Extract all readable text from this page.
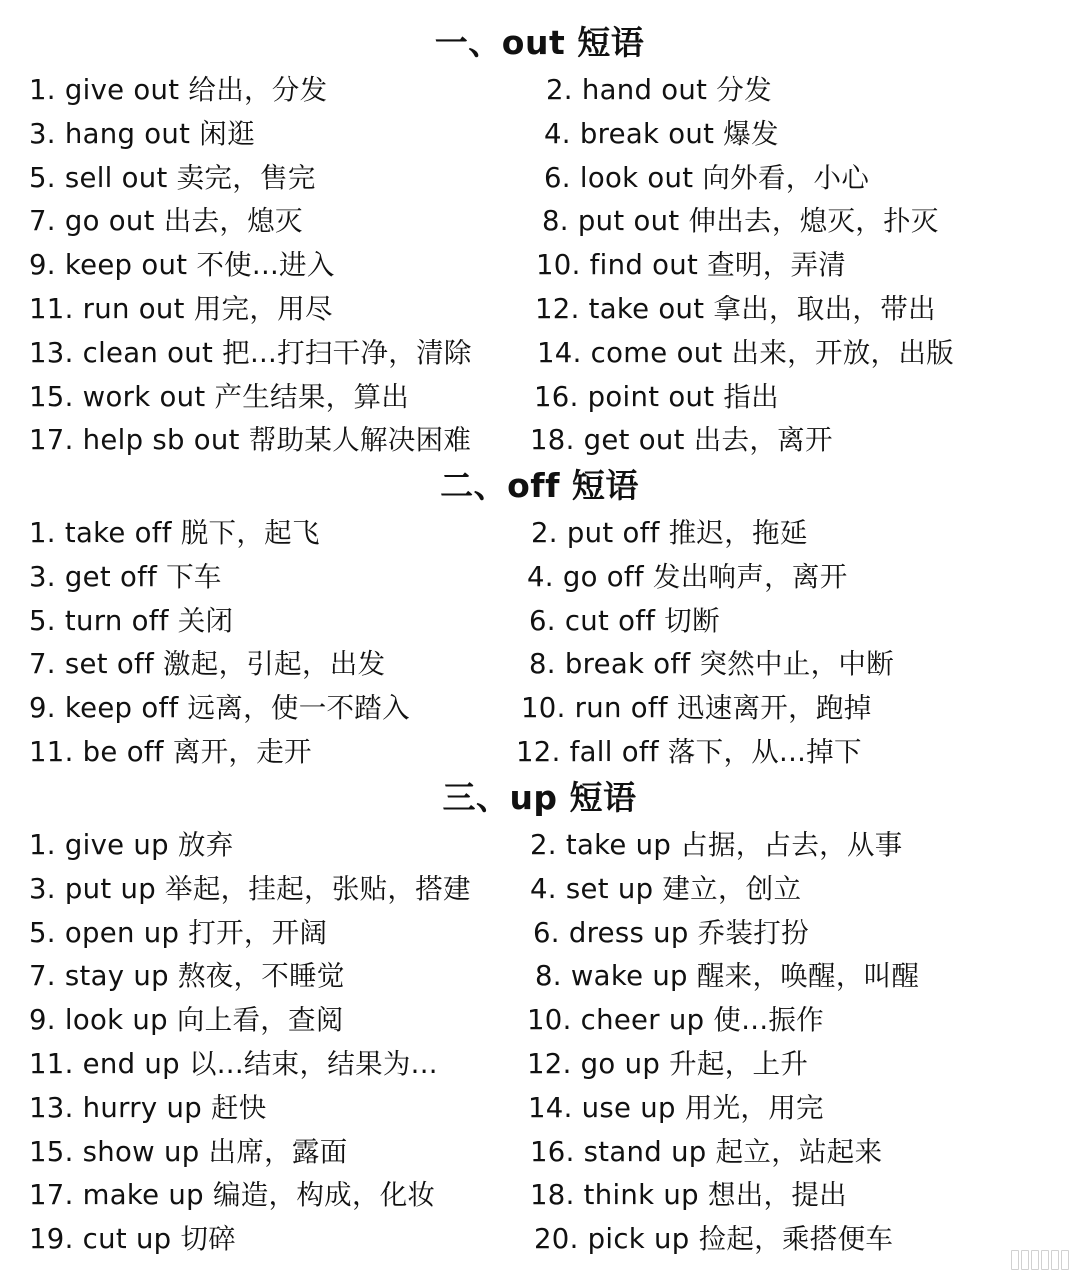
一、out 短语
1. give out 给出，分发	2. hand out 分发
3. hang out 闲逛	4. break out 爆发
5. sell out 卖完，售完	6. look out 向外看，小心
7. go out 出去，熄灭	8. put out 伸出去，熄灭，扑灭
9. keep out 不使...进入	10. find out 查明，弄清
11. run out 用完，用尽	12. take out 拿出，取出，带出
13. clean out 把...打扫干净，清除 14. come out 出来，开放，出版
15. work out 产生结果，算出	16. point out 指出
17. help sb out 帮助某人解决困难 18. get out 出去，离开
二、off 短语
1. take off 脱下，起飞	2. put off 推迟，拖延
3. get off 下车	4. go off 发出响声，离开
5. turn off 关闭	6. cut off 切断
7. set off 激起，引起，出发	8. break off 突然中止，中断
9. keep off 远离，使一不踏入	10. run off 迅速离开，跑掉
11. be off 离开，走开	12. fall off 落下，从...掉下
三、up 短语
1. give up 放弃	2. take up 占据，占去，从事
3. put up 举起，挂起，张贴，搭建 4. set up 建立，创立
5. open up 打开，开阔	6. dress up 乔装打扮
7. stay up 熬夜，不睡觉	8. wake up 醒来，唤醒，叫醒
9. look up 向上看，查阅	10. cheer up 使...振作
11. end up 以...结束，结果为...	12. go up 升起，上升
13. hurry up 赶快	14. use up 用光，用完
15. show up 出席，露面	16. stand up 起立，站起来
17. make up 编造，构成，化妆	18. think up 想出，提出
19. cut up 切碎	20. pick up 捡起，乘搭便车
